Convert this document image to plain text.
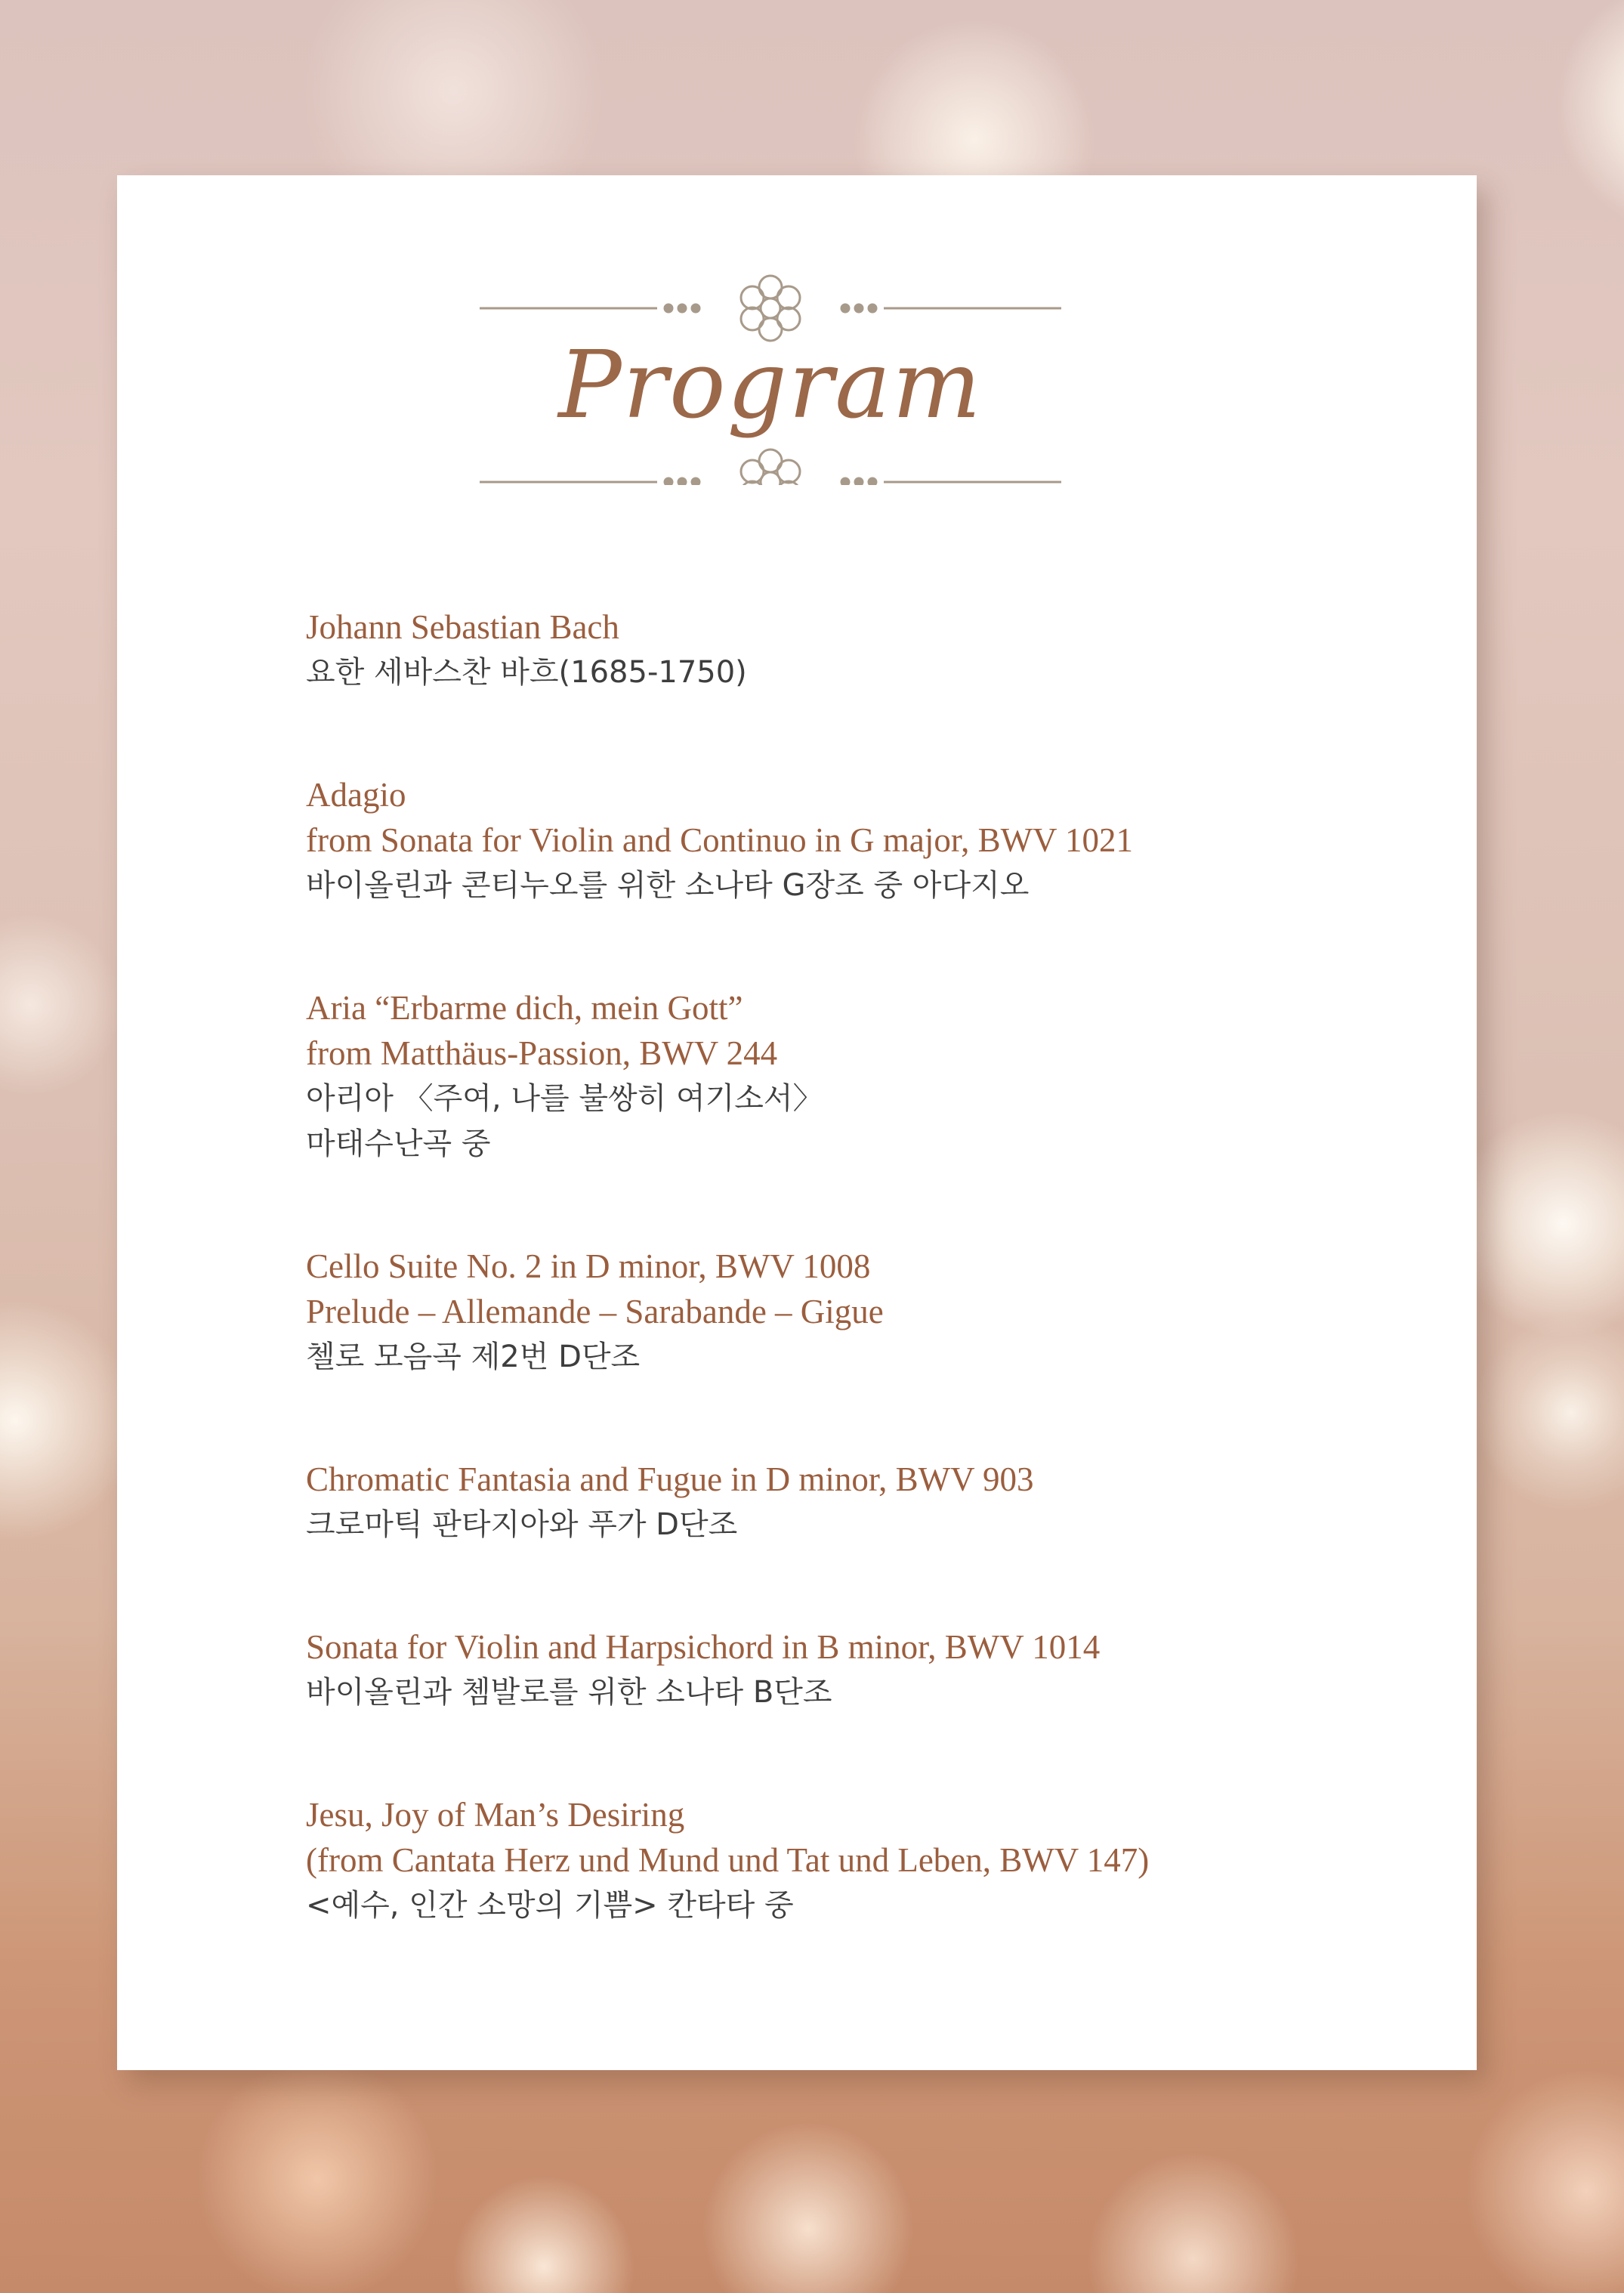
Program
Johann Sebastian Bach
요한 세바스찬 바흐(1685-1750)
Adagio
from Sonata for Violin and Continuo in G major, BWV 1021
바이올린과 콘티누오를 위한 소나타 G장조 중 아다지오
Aria “Erbarme dich, mein Gott”
from Matthäus-Passion, BWV 244
아리아 〈주여, 나를 불쌍히 여기소서〉
마태수난곡 중
Cello Suite No. 2 in D minor, BWV 1008
Prelude – Allemande – Sarabande – Gigue
첼로 모음곡 제2번 D단조
Chromatic Fantasia and Fugue in D minor, BWV 903
크로마틱 판타지아와 푸가 D단조
Sonata for Violin and Harpsichord in B minor, BWV 1014
바이올린과 쳄발로를 위한 소나타 B단조
Jesu, Joy of Man’s Desiring
(from Cantata Herz und Mund und Tat und Leben, BWV 147)
<예수, 인간 소망의 기쁨> 칸타타 중
